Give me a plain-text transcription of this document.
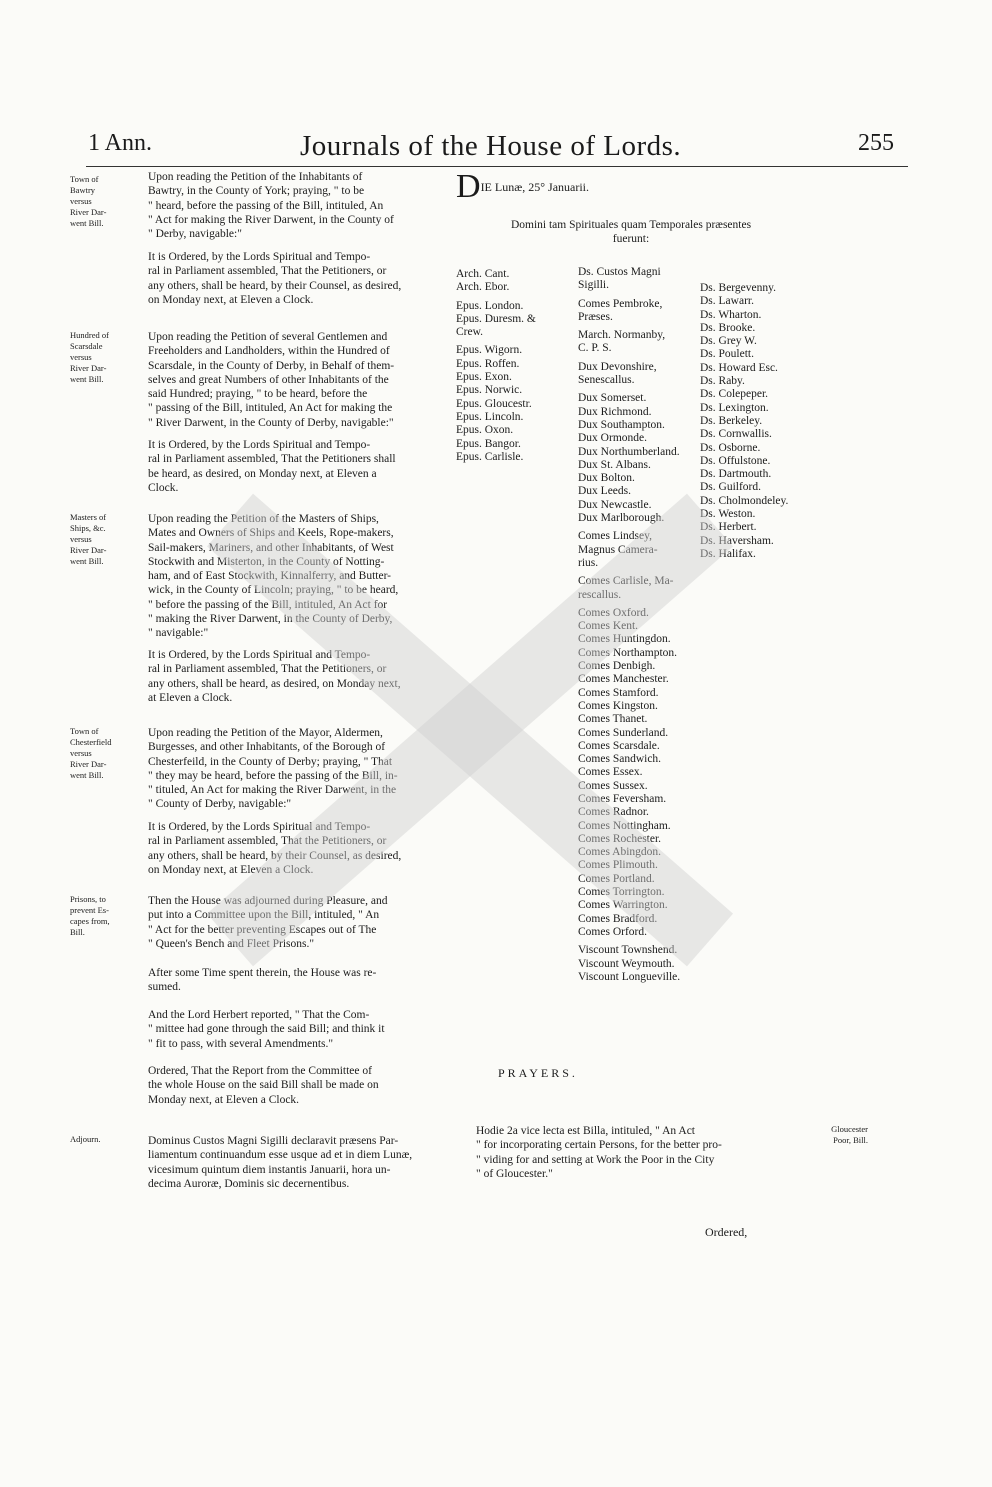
1 Ann.	Journals of the House of Lords.	255
Town of
Bawtry
versus
River Dar-
went Bill.
Hundred of
Scarsdale
versus
River Dar-
went Bill.
Masters of
Ships, &c.
versus
River Dar-
went Bill.
Town of
Chesterfield
versus
River Dar-
went Bill.
Prisons, to
prevent Es-
capes from,
Bill.
Adjourn.
Upon reading the Petition of the Inhabitants of
Bawtry, in the County of York; praying, " to be
" heard, before the passing of the Bill, intituled, An
" Act for making the River Darwent, in the County of
" Derby, navigable:"
It is Ordered, by the Lords Spiritual and Tempo-
ral in Parliament assembled, That the Petitioners, or
any others, shall be heard, by their Counsel, as desired,
on Monday next, at Eleven a Clock.
Upon reading the Petition of several Gentlemen and
Freeholders and Landholders, within the Hundred of
Scarsdale, in the County of Derby, in Behalf of them-
selves and great Numbers of other Inhabitants of the
said Hundred; praying, " to be heard, before the
" passing of the Bill, intituled, An Act for making the
" River Darwent, in the County of Derby, navigable:"
It is Ordered, by the Lords Spiritual and Tempo-
ral in Parliament assembled, That the Petitioners shall
be heard, as desired, on Monday next, at Eleven a
Clock.
Upon reading the Petition of the Masters of Ships,
Mates and Owners of Ships and Keels, Rope-makers,
Sail-makers, Mariners, and other Inhabitants, of West
Stockwith and Misterton, in the County of Notting-
ham, and of East Stockwith, Kinnalferry, and Butter-
wick, in the County of Lincoln; praying, " to be heard,
" before the passing of the Bill, intituled, An Act for
" making the River Darwent, in the County of Derby,
" navigable:"
It is Ordered, by the Lords Spiritual and Tempo-
ral in Parliament assembled, That the Petitioners, or
any others, shall be heard, as desired, on Monday next,
at Eleven a Clock.
Upon reading the Petition of the Mayor, Aldermen,
Burgesses, and other Inhabitants, of the Borough of
Chesterfeild, in the County of Derby; praying, " That
" they may be heard, before the passing of the Bill, in-
" tituled, An Act for making the River Darwent, in the
" County of Derby, navigable:"
It is Ordered, by the Lords Spiritual and Tempo-
ral in Parliament assembled, That the Petitioners, or
any others, shall be heard, by their Counsel, as desired,
on Monday next, at Eleven a Clock.
Then the House was adjourned during Pleasure, and
put into a Committee upon the Bill, intituled, " An
" Act for the better preventing Escapes out of The
" Queen's Bench and Fleet Prisons."
After some Time spent therein, the House was re-
sumed.
And the Lord Herbert reported, " That the Com-
" mittee had gone through the said Bill; and think it
" fit to pass, with several Amendments."
Ordered, That the Report from the Committee of
the whole House on the said Bill shall be made on
Monday next, at Eleven a Clock.
Dominus Custos Magni Sigilli declaravit præsens Par-
liamentum continuandum esse usque ad et in diem Lunæ,
vicesimum quintum diem instantis Januarii, hora un-
decima Auroræ, Dominis sic decernentibus.
DIE Lunæ, 25° Januarii.
Domini tam Spirituales quam Temporales præsentes
fuerunt:
Arch. Cant.
Arch. Ebor.
Epus. London.
Epus. Duresm. &
Crew.
Epus. Wigorn.
Epus. Roffen.
Epus. Exon.
Epus. Norwic.
Epus. Gloucestr.
Epus. Lincoln.
Epus. Oxon.
Epus. Bangor.
Epus. Carlisle.
Ds. Custos Magni
Sigilli.
Comes Pembroke,
Præses.
March. Normanby,
C. P. S.
Dux Devonshire,
Senescallus.
Dux Somerset.
Dux Richmond.
Dux Southampton.
Dux Ormonde.
Dux Northumberland.
Dux St. Albans.
Dux Bolton.
Dux Leeds.
Dux Newcastle.
Dux Marlborough.
Comes Lindsey,
Magnus Camera-
rius.
Comes Carlisle, Ma-
rescallus.
Comes Oxford.
Comes Kent.
Comes Huntingdon.
Comes Northampton.
Comes Denbigh.
Comes Manchester.
Comes Stamford.
Comes Kingston.
Comes Thanet.
Comes Sunderland.
Comes Scarsdale.
Comes Sandwich.
Comes Essex.
Comes Sussex.
Comes Feversham.
Comes Radnor.
Comes Nottingham.
Comes Rochester.
Comes Abingdon.
Comes Plimouth.
Comes Portland.
Comes Torrington.
Comes Warrington.
Comes Bradford.
Comes Orford.
Viscount Townshend.
Viscount Weymouth.
Viscount Longueville.
Ds. Bergevenny.
Ds. Lawarr.
Ds. Wharton.
Ds. Brooke.
Ds. Grey W.
Ds. Poulett.
Ds. Howard Esc.
Ds. Raby.
Ds. Colepeper.
Ds. Lexington.
Ds. Berkeley.
Ds. Cornwallis.
Ds. Osborne.
Ds. Offulstone.
Ds. Dartmouth.
Ds. Guilford.
Ds. Cholmondeley.
Ds. Weston.
Ds. Herbert.
Ds. Haversham.
Ds. Halifax.
PRAYERS.
Hodie 2a vice lecta est Billa, intituled, " An Act
" for incorporating certain Persons, for the better pro-
" viding for and setting at Work the Poor in the City
" of Gloucester."
Gloucester
Poor, Bill.
Ordered,
